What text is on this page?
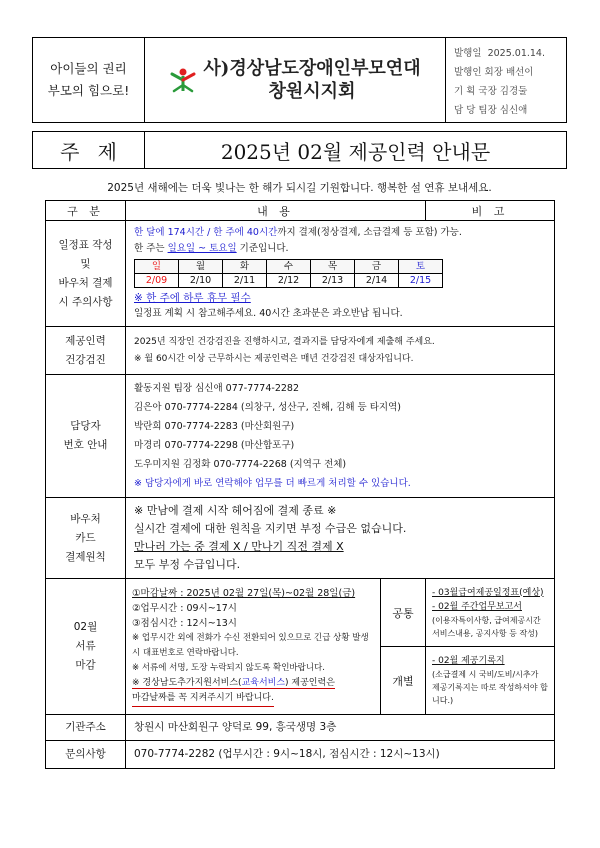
아이들의 권리
부모의 힘으로!
사)경상남도장애인부모연대
창원시지회
발행일 2025.01.14.
발행인 회장 배선이
기 획 국장 김경둘
담 당 팀장 심신애
주 제	2025년 02월 제공인력 안내문
2025년 새해에는 더욱 빛나는 한 해가 되시길 기원합니다. 행복한 설 연휴 보내세요.
구 분	내 용	비 고

일정표 작성
및
바우처 결제
시 주의사항

한 달에 174시간 / 한 주에 40시간까지 결제(정상결제, 소급결제 등 포함) 가능.
한 주는 일요일 ~ 토요일 기준입니다.
일	월	화	수	목	금	토
2/09	2/10	2/11	2/12	2/13	2/14	2/15
※ 한 주에 하루 휴무 필수
일정표 계획 시 참고해주세요. 40시간 초과분은 과오반납 됩니다.

제공인력
건강검진

2025년 직장인 건강검진을 진행하시고, 결과지를 담당자에게 제출해 주세요.
※ 월 60시간 이상 근무하시는 제공인력은 매년 건강검진 대상자입니다.

담당자
번호 안내

활동지원 팀장 심신애 077-7774-2282
김은아 070-7774-2284 (의창구, 성산구, 진해, 김해 등 타지역)
박란희 070-7774-2283 (마산회원구)
마경리 070-7774-2298 (마산합포구)
도우미지원 김정화 070-7774-2268 (지역구 전체)
※ 담당자에게 바로 연락해야 업무를 더 빠르게 처리할 수 있습니다.

바우처
카드
결제원칙

※ 만남에 결제 시작 헤어짐에 결제 종료 ※
실시간 결제에 대한 원칙을 지키면 부정 수급은 없습니다.
만나러 가는 중 결제 X / 만나기 직전 결제 X
모두 부정 수급입니다.

02월
서류
마감

①마감날짜 : 2025년 02월 27일(목)~02월 28일(금)
②업무시간 : 09시~17시
③점심시간 : 12시~13시
※ 업무시간 외에 전화가 수신 전환되어 있으므로 긴급 상황 발생 시 대표번호로 연락바랍니다.
※ 서류에 서명, 도장 누락되지 않도록 확인바랍니다.
※ 경상남도추가지원서비스(교육서비스) 제공인력은
마감날짜를 꼭 지켜주시기 바랍니다.	공통	
- 03월급여제공일정표(예상)
- 02월 주간업무보고서
(이용자특이사항, 급여제공시간 서비스내용, 공지사항 등 작성)

개별	
- 02월 제공기록지
(소급결제 시 국비/도비/시추가 제공기록지는 따로 작성하셔야 합니다.)

기관주소	창원시 마산회원구 양덕로 99, 흥국생명 3층
문의사항	070-7774-2282 (업무시간 : 9시~18시, 점심시간 : 12시~13시)
